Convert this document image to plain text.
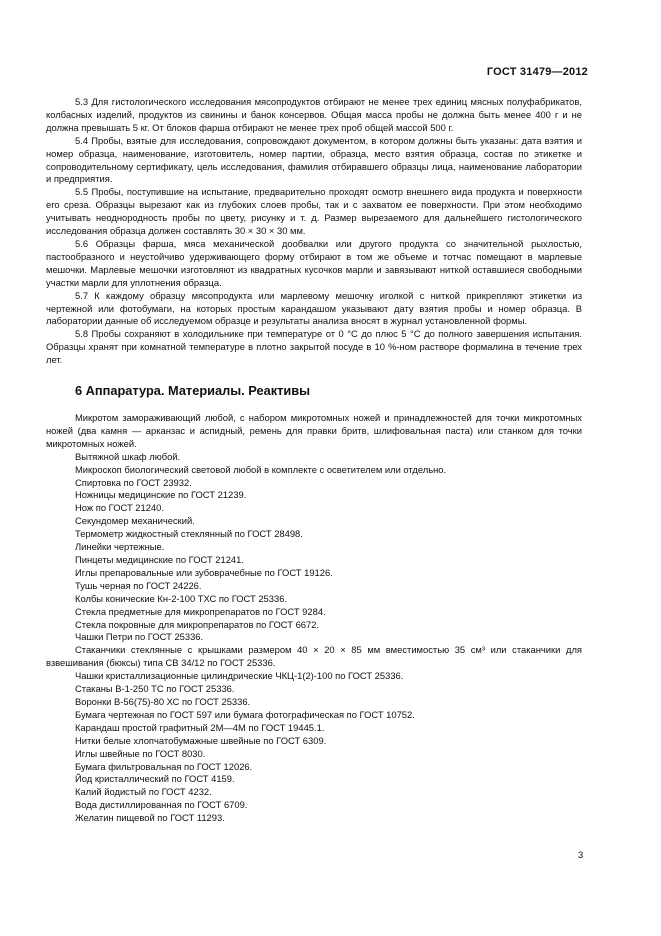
ГОСТ 31479—2012

5.3 Для гистологического исследования мясопродуктов отбирают не менее трех единиц мясных полуфабрикатов, колбасных изделий, продуктов из свинины и банок консервов. Общая масса пробы не должна быть менее 400 г и не должна превышать 5 кг. От блоков фарша отбирают не менее трех проб общей массой 500 г.

5.4 Пробы, взятые для исследования, сопровождают документом, в котором должны быть указаны: дата взятия и номер образца, наименование, изготовитель, номер партии, образца, место взятия образца, состав по этикетке и сопроводительному сертификату, цель исследования, фамилия отбиравшего образцы лица, наименование лаборатории и предприятия.

5.5 Пробы, поступившие на испытание, предварительно проходят осмотр внешнего вида продукта и поверхности его среза. Образцы вырезают как из глубоких слоев пробы, так и с захватом ее поверхности. При этом необходимо учитывать неоднородность пробы по цвету, рисунку и т. д. Размер вырезаемого для дальнейшего гистологического исследования образца должен составлять 30 × 30 × 30 мм.

5.6 Образцы фарша, мяса механической дообвалки или другого продукта со значительной рыхлостью, пастообразного и неустойчиво удерживающего форму отбирают в том же объеме и тотчас помещают в марлевые мешочки. Марлевые мешочки изготовляют из квадратных кусочков марли и завязывают ниткой оставшиеся свободными участки марли для уплотнения образца.

5.7 К каждому образцу мясопродукта или марлевому мешочку иголкой с ниткой прикрепляют этикетки из чертежной или фотобумаги, на которых простым карандашом указывают дату взятия пробы и номер образца. В лаборатории данные об исследуемом образце и результаты анализа вносят в журнал установленной формы.

5.8 Пробы сохраняют в холодильнике при температуре от 0 °С до плюс 5 °С до полного завершения испытания. Образцы хранят при комнатной температуре в плотно закрытой посуде в 10 %-ном растворе формалина в течение трех лет.

6 Аппаратура. Материалы. Реактивы

Микротом замораживающий любой, с набором микротомных ножей и принадлежностей для точки микротомных ножей (два камня — арканзас и аспидный, ремень для правки бритв, шлифовальная паста) или станком для точки микротомных ножей.

Вытяжной шкаф любой.
Микроскоп биологический световой любой в комплекте с осветителем или отдельно.
Спиртовка по ГОСТ 23932.
Ножницы медицинские по ГОСТ 21239.
Нож по ГОСТ 21240.
Секундомер механический.
Термометр жидкостный стеклянный по ГОСТ 28498.
Линейки чертежные.
Пинцеты медицинские по ГОСТ 21241.
Иглы препаровальные или зубоврачебные по ГОСТ 19126.
Тушь черная по ГОСТ 24226.
Колбы конические Кн-2-100 ТХС по ГОСТ 25336.
Стекла предметные для микропрепаратов по ГОСТ 9284.
Стекла покровные для микропрепаратов по ГОСТ 6672.
Чашки Петри по ГОСТ 25336.

Стаканчики стеклянные с крышками размером 40 × 20 × 85 мм вместимостью 35 см³ или стаканчики для взвешивания (бюксы) типа СВ 34/12 по ГОСТ 25336.

Чашки кристаллизационные цилиндрические ЧКЦ-1(2)-100 по ГОСТ 25336.
Стаканы В-1-250 ТС по ГОСТ 25336.
Воронки В-56(75)-80 ХС по ГОСТ 25336.
Бумага чертежная по ГОСТ 597 или бумага фотографическая по ГОСТ 10752.
Карандаш простой графитный 2М—4М по ГОСТ 19445.1.
Нитки белые хлопчатобумажные швейные по ГОСТ 6309.
Иглы швейные по ГОСТ 8030.
Бумага фильтровальная по ГОСТ 12026.
Йод кристаллический по ГОСТ 4159.
Калий йодистый по ГОСТ 4232.
Вода дистиллированная по ГОСТ 6709.
Желатин пищевой по ГОСТ 11293.
3
